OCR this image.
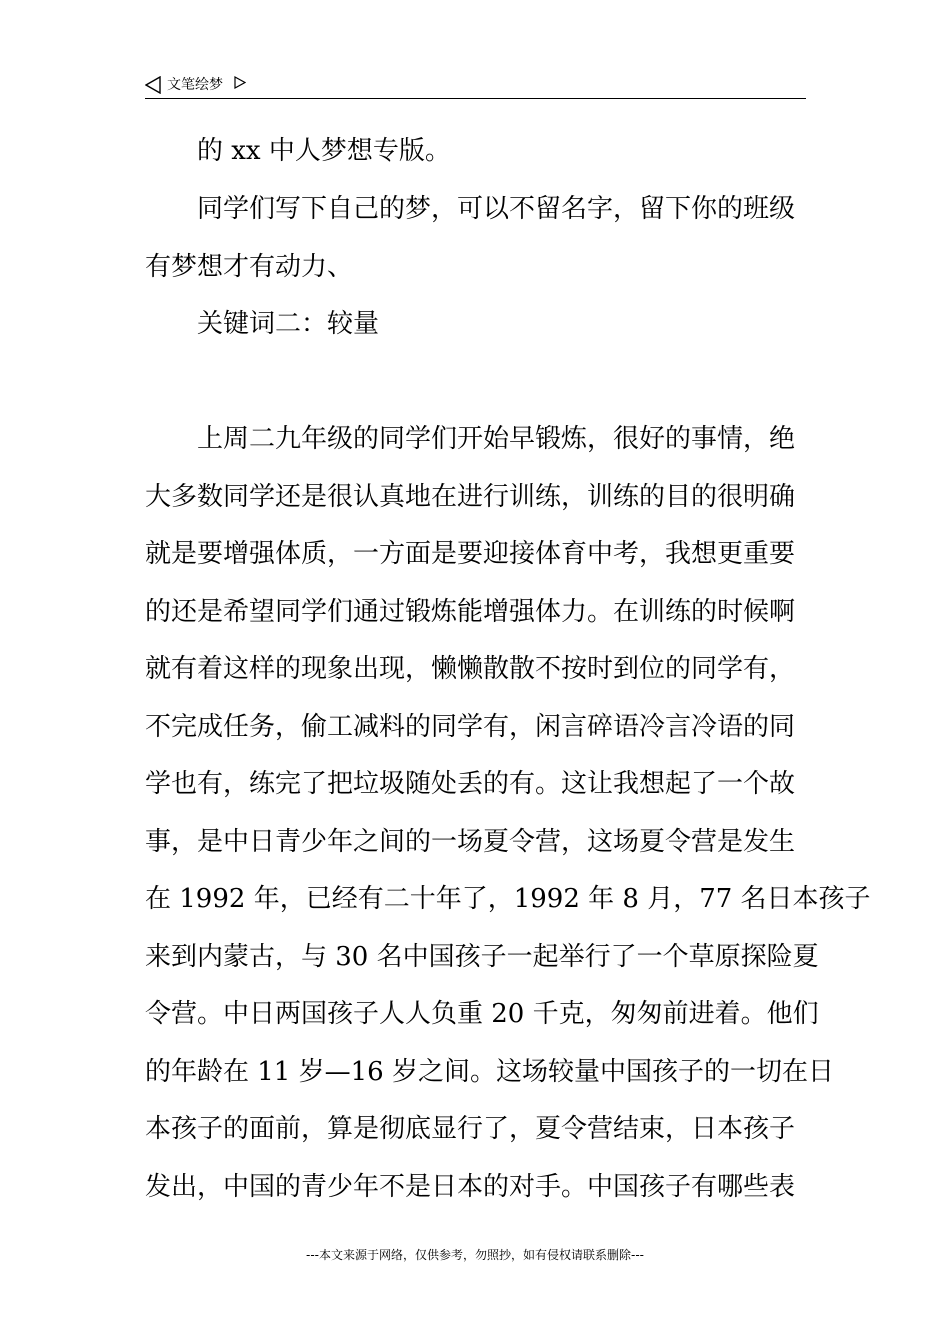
文笔绘梦
的 xx 中人梦想专版。
同学们写下自己的梦，可以不留名字，留下你的班级
有梦想才有动力、
关键词二：较量
上周二九年级的同学们开始早锻炼，很好的事情，绝
大多数同学还是很认真地在进行训练，训练的目的很明确
就是要增强体质，一方面是要迎接体育中考，我想更重要
的还是希望同学们通过锻炼能增强体力。在训练的时候啊
就有着这样的现象出现，懒懒散散不按时到位的同学有，
不完成任务，偷工减料的同学有，闲言碎语冷言冷语的同
学也有，练完了把垃圾随处丢的有。这让我想起了一个故
事，是中日青少年之间的一场夏令营，这场夏令营是发生
在 1992 年，已经有二十年了，1992 年 8 月，77 名日本孩子
来到内蒙古，与 30 名中国孩子一起举行了一个草原探险夏
令营。中日两国孩子人人负重 20 千克，匆匆前进着。他们
的年龄在 11 岁—16 岁之间。这场较量中国孩子的一切在日
本孩子的面前，算是彻底显行了，夏令营结束，日本孩子
发出，中国的青少年不是日本的对手。中国孩子有哪些表
---本文来源于网络，仅供参考，勿照抄，如有侵权请联系删除---
